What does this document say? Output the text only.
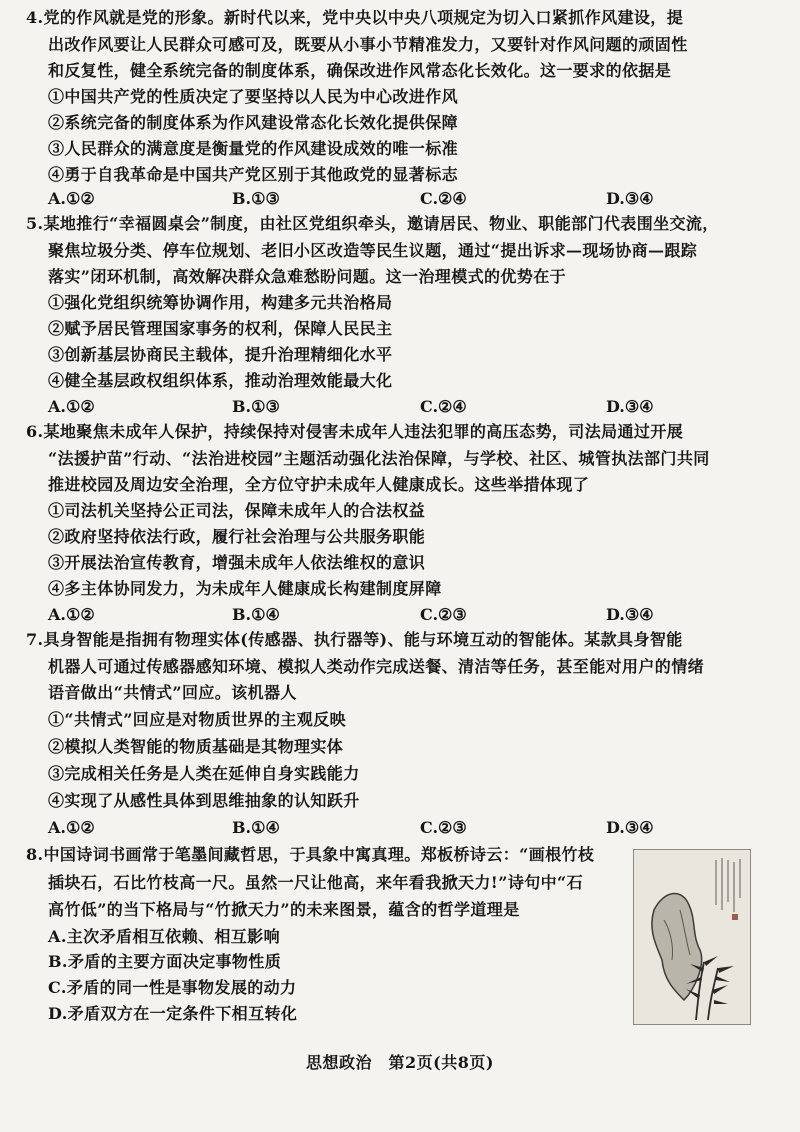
4.党的作风就是党的形象。新时代以来，党中央以中央八项规定为切入口紧抓作风建设，提
出改作风要让人民群众可感可及，既要从小事小节精准发力，又要针对作风问题的顽固性
和反复性，健全系统完备的制度体系，确保改进作风常态化长效化。这一要求的依据是
①中国共产党的性质决定了要坚持以人民为中心改进作风
②系统完备的制度体系为作风建设常态化长效化提供保障
③人民群众的满意度是衡量党的作风建设成效的唯一标准
④勇于自我革命是中国共产党区别于其他政党的显著标志
A.①②	B.①③	C.②④	D.③④
5.某地推行“幸福圆桌会”制度，由社区党组织牵头，邀请居民、物业、职能部门代表围坐交流，
聚焦垃圾分类、停车位规划、老旧小区改造等民生议题，通过“提出诉求—现场协商—跟踪
落实”闭环机制，高效解决群众急难愁盼问题。这一治理模式的优势在于
①强化党组织统筹协调作用，构建多元共治格局
②赋予居民管理国家事务的权利，保障人民民主
③创新基层协商民主载体，提升治理精细化水平
④健全基层政权组织体系，推动治理效能最大化
A.①②	B.①③	C.②④	D.③④
6.某地聚焦未成年人保护，持续保持对侵害未成年人违法犯罪的高压态势，司法局通过开展
“法援护苗”行动、“法治进校园”主题活动强化法治保障，与学校、社区、城管执法部门共同
推进校园及周边安全治理，全方位守护未成年人健康成长。这些举措体现了
①司法机关坚持公正司法，保障未成年人的合法权益
②政府坚持依法行政，履行社会治理与公共服务职能
③开展法治宣传教育，增强未成年人依法维权的意识
④多主体协同发力，为未成年人健康成长构建制度屏障
A.①②	B.①④	C.②③	D.③④
7.具身智能是指拥有物理实体(传感器、执行器等)、能与环境互动的智能体。某款具身智能
机器人可通过传感器感知环境、模拟人类动作完成送餐、清洁等任务，甚至能对用户的情绪
语音做出“共情式”回应。该机器人
①“共情式”回应是对物质世界的主观反映
②模拟人类智能的物质基础是其物理实体
③完成相关任务是人类在延伸自身实践能力
④实现了从感性具体到思维抽象的认知跃升
A.①②	B.①④	C.②③	D.③④
8.中国诗词书画常于笔墨间藏哲思，于具象中寓真理。郑板桥诗云：“画根竹枝
插块石，石比竹枝高一尺。虽然一尺让他高，来年看我掀天力!”诗句中“石
高竹低”的当下格局与“竹掀天力”的未来图景，蕴含的哲学道理是
A.主次矛盾相互依赖、相互影响
B.矛盾的主要方面决定事物性质
C.矛盾的同一性是事物发展的动力
D.矛盾双方在一定条件下相互转化
思想政治　第2页(共8页)
